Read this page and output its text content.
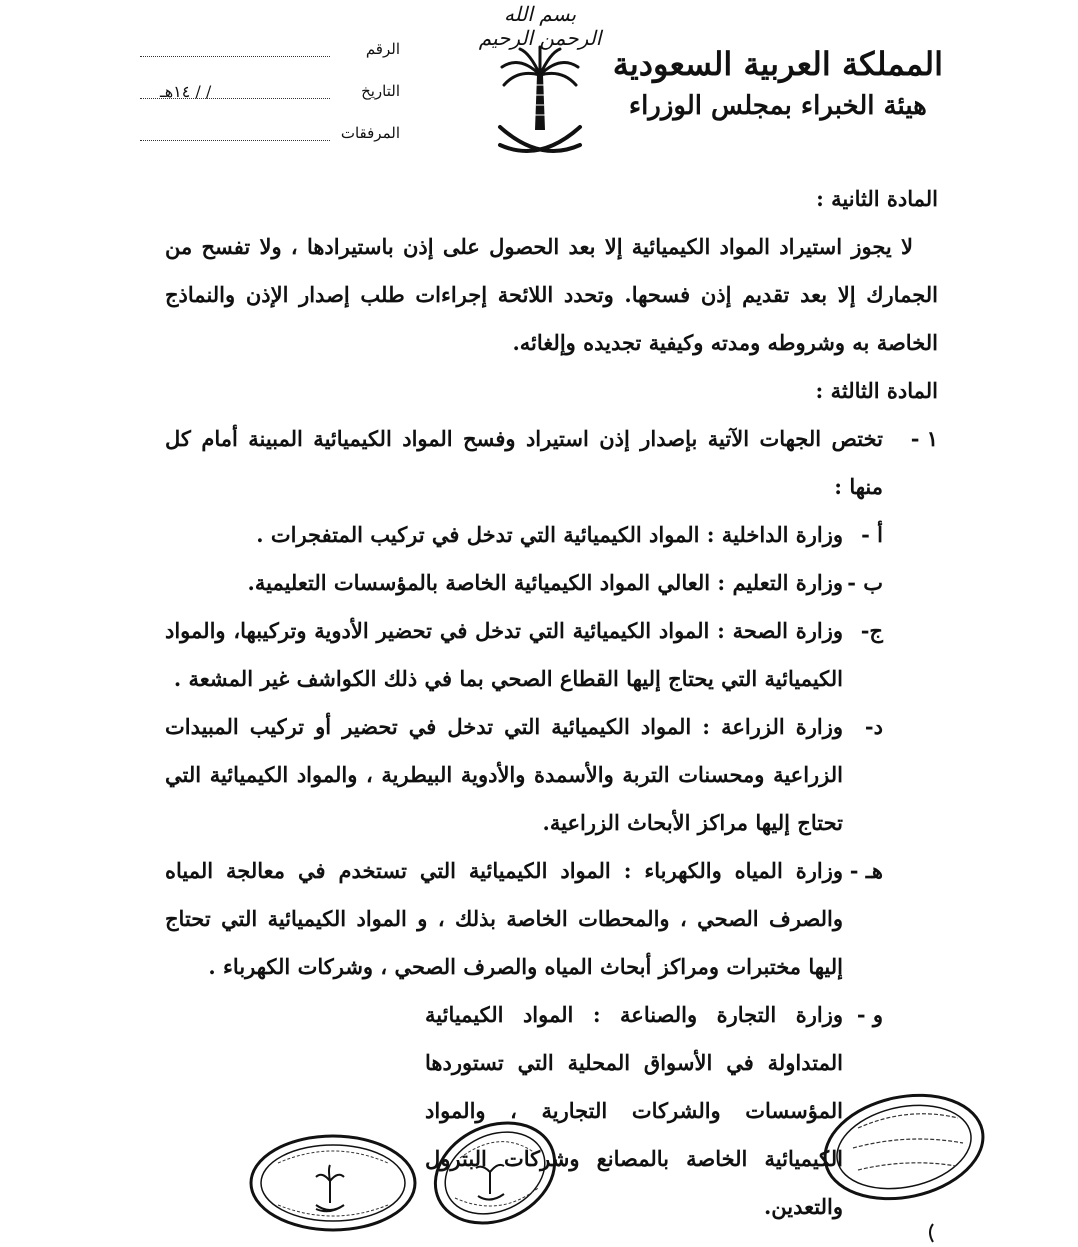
بسم الله الرحمن الرحيم
المملكة العربية السعودية
هيئة الخبراء بمجلس الوزراء
الرقم
التاريخ
/ / ١٤هـ
المرفقات

المادة الثانية :

لا يجوز استيراد المواد الكيميائية إلا بعد الحصول على إذن باستيرادها ، ولا تفسح من الجمارك إلا بعد تقديم إذن فسحها. وتحدد اللائحة إجراءات طلب إصدار الإذن والنماذج الخاصة به وشروطه ومدته وكيفية تجديده وإلغائه.

المادة الثالثة :

١ -
تختص الجهات الآتية بإصدار إذن استيراد وفسح المواد الكيميائية المبينة أمام كل منها :

أ -
وزارة الداخلية : المواد الكيميائية التي تدخل في تركيب المتفجرات .

ب -
وزارة التعليم : العالي المواد الكيميائية الخاصة بالمؤسسات التعليمية.

ج-
وزارة الصحة : المواد الكيميائية التي تدخل في تحضير الأدوية وتركيبها، والمواد الكيميائية التي يحتاج إليها القطاع الصحي بما في ذلك الكواشف غير المشعة .

د-
وزارة الزراعة : المواد الكيميائية التي تدخل في تحضير أو تركيب المبيدات الزراعية ومحسنات التربة والأسمدة والأدوية البيطرية ، والمواد الكيميائية التي تحتاج إليها مراكز الأبحاث الزراعية.

هـ -
وزارة المياه والكهرباء : المواد الكيميائية التي تستخدم في معالجة المياه والصرف الصحي ، والمحطات الخاصة بذلك ، و المواد الكيميائية التي تحتاج إليها مختبرات ومراكز أبحاث المياه والصرف الصحي ، وشركات الكهرباء .

و -
وزارة التجارة والصناعة : المواد الكيميائية المتداولة في الأسواق المحلية التي تستوردها المؤسسات والشركات التجارية ، والمواد الكيميائية الخاصة بالمصانع وشركات البترول والتعدين.
